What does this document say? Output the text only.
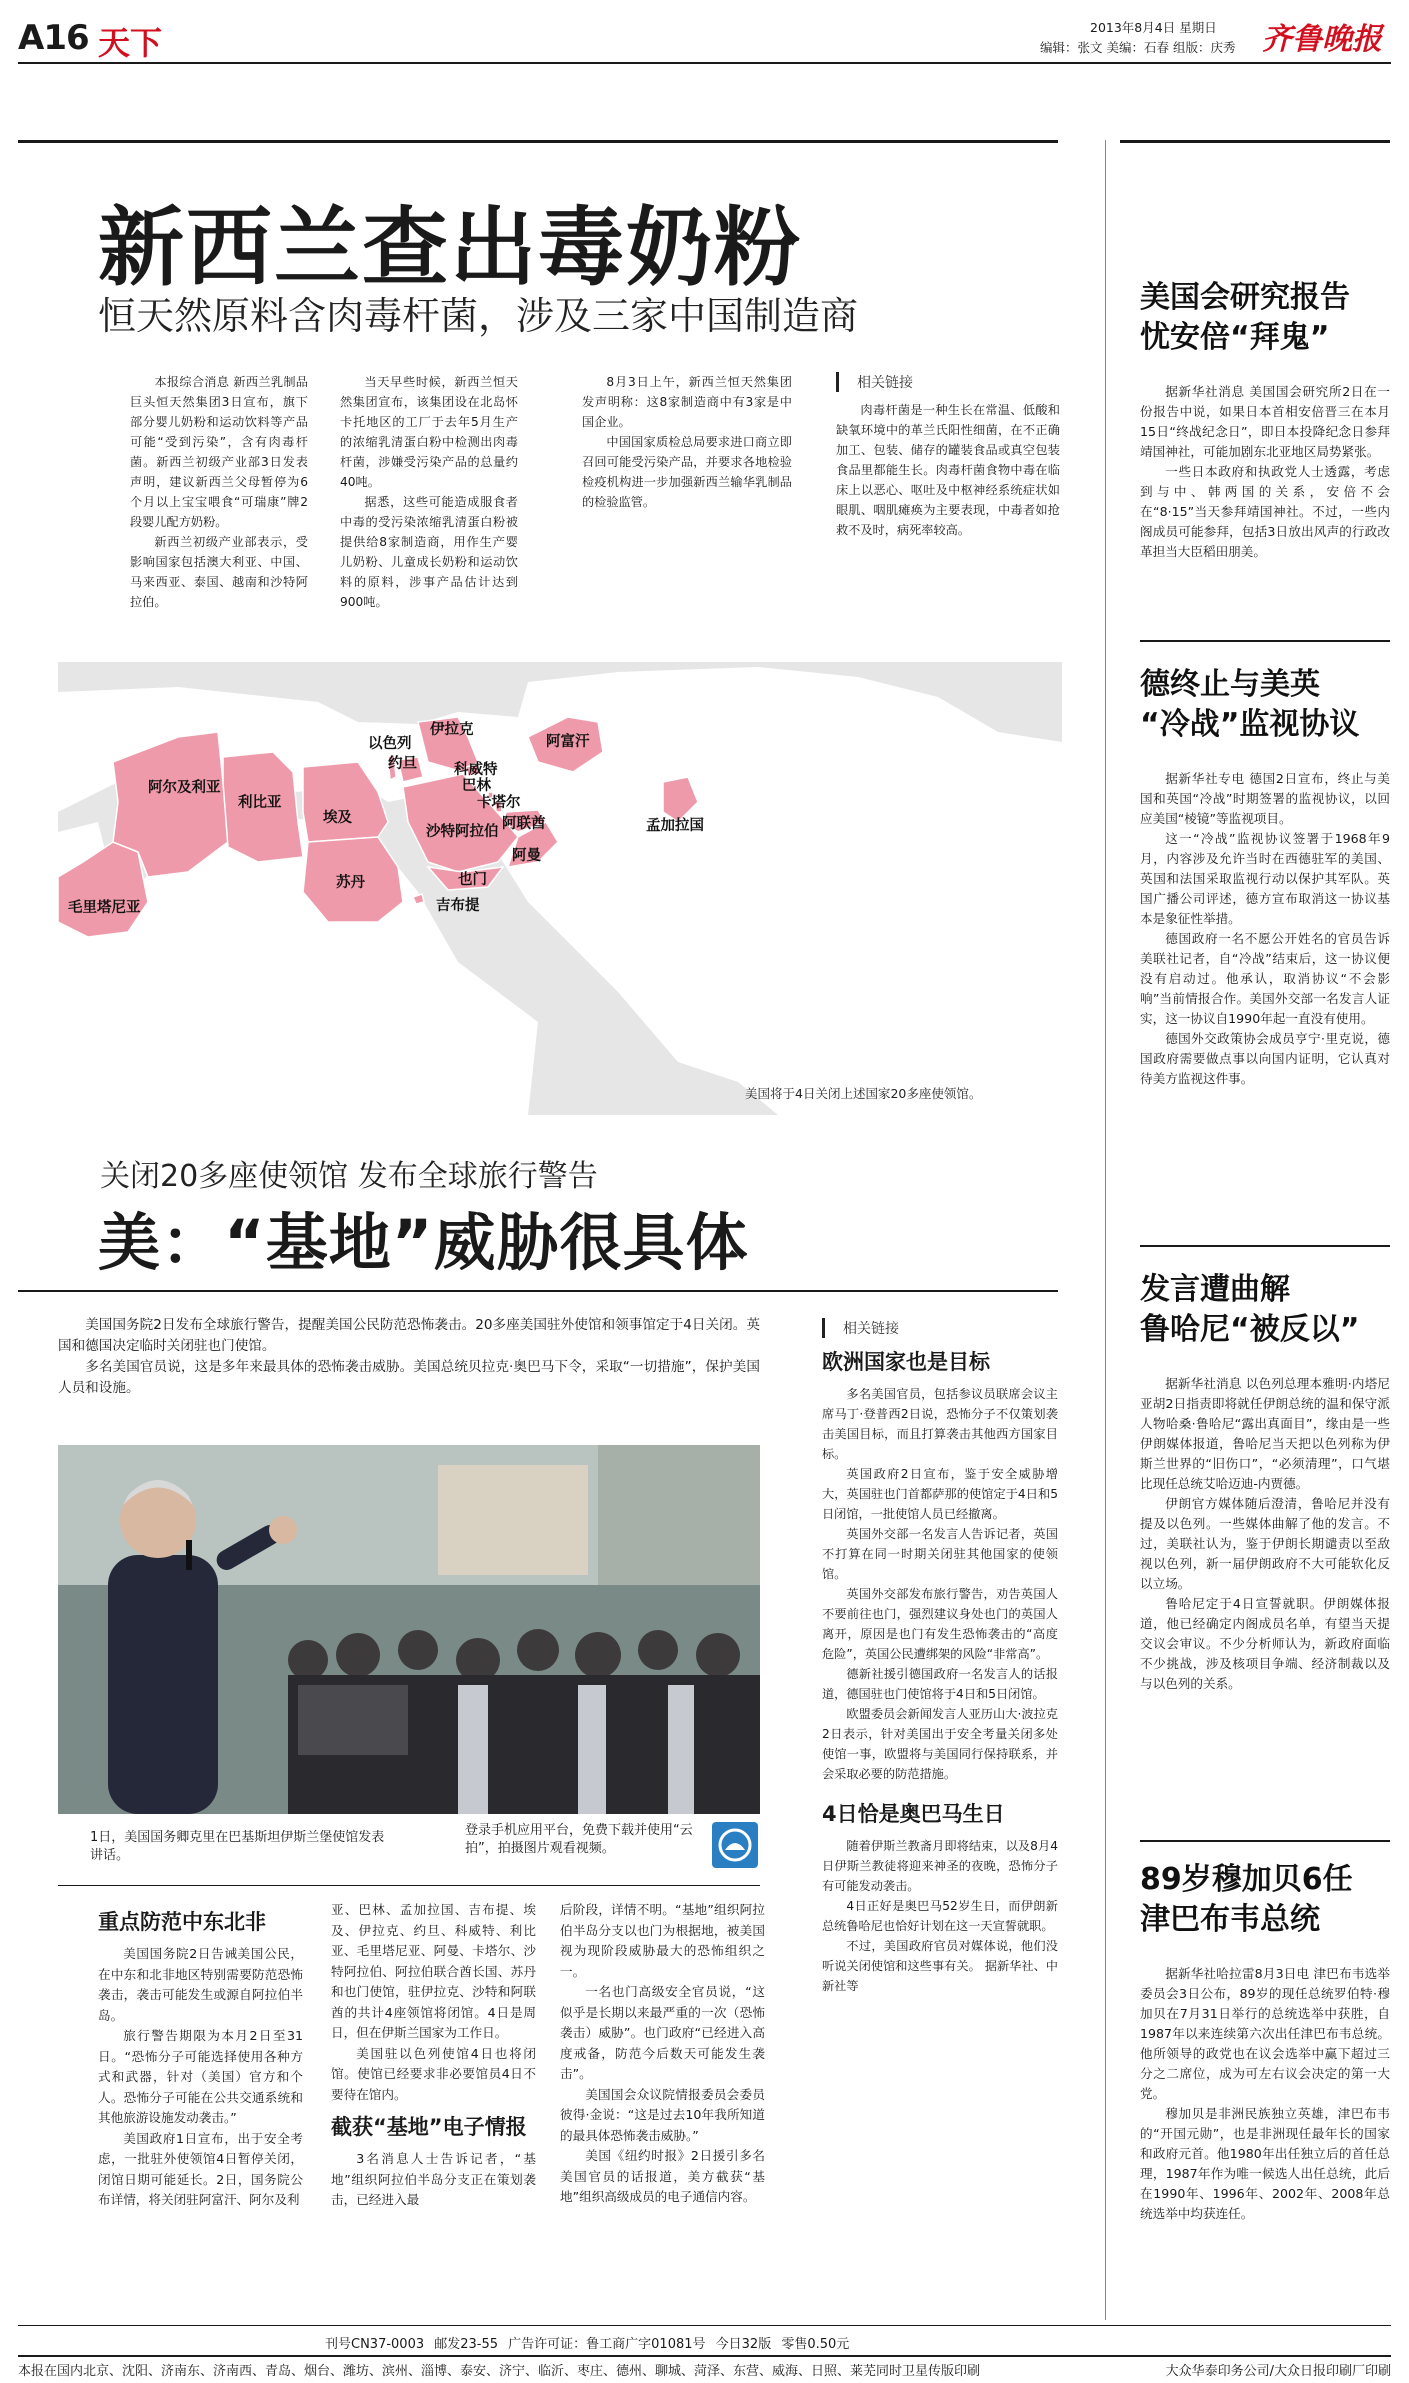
A16 天下	2013年8月4日 星期日
编辑：张文 美编：石春 组版：庆秀 齐鲁晚报
新西兰查出毒奶粉
恒天然原料含肉毒杆菌，涉及三家中国制造商

本报综合消息 新西兰乳制品巨头恒天然集团3日宣布，旗下部分婴儿奶粉和运动饮料等产品可能“受到污染”，含有肉毒杆菌。新西兰初级产业部3日发表声明，建议新西兰父母暂停为6个月以上宝宝喂食“可瑞康”牌2段婴儿配方奶粉。

新西兰初级产业部表示，受影响国家包括澳大利亚、中国、马来西亚、泰国、越南和沙特阿拉伯。

当天早些时候，新西兰恒天然集团宣布，该集团设在北岛怀卡托地区的工厂于去年5月生产的浓缩乳清蛋白粉中检测出肉毒杆菌，涉嫌受污染产品的总量约40吨。

据悉，这些可能造成服食者中毒的受污染浓缩乳清蛋白粉被提供给8家制造商，用作生产婴儿奶粉、儿童成长奶粉和运动饮料的原料，涉事产品估计达到900吨。

8月3日上午，新西兰恒天然集团发声明称：这8家制造商中有3家是中国企业。

中国国家质检总局要求进口商立即召回可能受污染产品，并要求各地检验检疫机构进一步加强新西兰输华乳制品的检验监管。

相关链接

肉毒杆菌是一种生长在常温、低酸和缺氧环境中的革兰氏阳性细菌，在不正确加工、包装、储存的罐装食品或真空包装食品里都能生长。肉毒杆菌食物中毒在临床上以恶心、呕吐及中枢神经系统症状如眼肌、咽肌瘫痪为主要表现，中毒者如抢救不及时，病死率较高。

毛里塔尼亚
阿尔及利亚
利比亚
埃及
苏丹
以色列
约旦
伊拉克
科威特
巴林
卡塔尔
阿联酋
沙特阿拉伯
阿曼
也门
吉布提
阿富汗
孟加拉国
美国将于4日关闭上述国家20多座使领馆。
关闭20多座使领馆 发布全球旅行警告
美：“基地”威胁很具体

美国国务院2日发布全球旅行警告，提醒美国公民防范恐怖袭击。20多座美国驻外使馆和领事馆定于4日关闭。英国和德国决定临时关闭驻也门使馆。

多名美国官员说，这是多年来最具体的恐怖袭击威胁。美国总统贝拉克·奥巴马下令，采取“一切措施”，保护美国人员和设施。

1日，美国国务卿克里在巴基斯坦伊斯兰堡使馆发表讲话。
登录手机应用平台，免费下载并使用“云拍”，拍摄图片观看视频。
重点防范中东北非

美国国务院2日告诫美国公民，在中东和北非地区特别需要防范恐怖袭击，袭击可能发生或源自阿拉伯半岛。

旅行警告期限为本月2日至31日。“恐怖分子可能选择使用各种方式和武器，针对（美国）官方和个人。恐怖分子可能在公共交通系统和其他旅游设施发动袭击。”

美国政府1日宣布，出于安全考虑，一批驻外使领馆4日暂停关闭，闭馆日期可能延长。2日，国务院公布详情，将关闭驻阿富汗、阿尔及利

亚、巴林、孟加拉国、吉布提、埃及、伊拉克、约旦、科威特、利比亚、毛里塔尼亚、阿曼、卡塔尔、沙特阿拉伯、阿拉伯联合酋长国、苏丹和也门使馆，驻伊拉克、沙特和阿联酋的共计4座领馆将闭馆。4日是周日，但在伊斯兰国家为工作日。

美国驻以色列使馆4日也将闭馆。使馆已经要求非必要馆员4日不要待在馆内。

截获“基地”电子情报

3名消息人士告诉记者，“基地”组织阿拉伯半岛分支正在策划袭击，已经进入最

后阶段，详情不明。“基地”组织阿拉伯半岛分支以也门为根据地，被美国视为现阶段威胁最大的恐怖组织之一。

一名也门高级安全官员说，“这似乎是长期以来最严重的一次（恐怖袭击）威胁”。也门政府“已经进入高度戒备，防范今后数天可能发生袭击”。

美国国会众议院情报委员会委员彼得·金说：“这是过去10年我所知道的最具体恐怖袭击威胁。”

美国《纽约时报》2日援引多名美国官员的话报道，美方截获“基地”组织高级成员的电子通信内容。

相关链接
欧洲国家也是目标

多名美国官员，包括参议员联席会议主席马丁·登普西2日说，恐怖分子不仅策划袭击美国目标，而且打算袭击其他西方国家目标。

英国政府2日宣布，鉴于安全威胁增大，英国驻也门首都萨那的使馆定于4日和5日闭馆，一批使馆人员已经撤离。

英国外交部一名发言人告诉记者，英国不打算在同一时期关闭驻其他国家的使领馆。

英国外交部发布旅行警告，劝告英国人不要前往也门，强烈建议身处也门的英国人离开，原因是也门有发生恐怖袭击的“高度危险”，英国公民遭绑架的风险“非常高”。

德新社援引德国政府一名发言人的话报道，德国驻也门使馆将于4日和5日闭馆。

欧盟委员会新闻发言人亚历山大·波拉克2日表示，针对美国出于安全考量关闭多处使馆一事，欧盟将与美国同行保持联系，并会采取必要的防范措施。

4日恰是奥巴马生日

随着伊斯兰教斋月即将结束，以及8月4日伊斯兰教徒将迎来神圣的夜晚，恐怖分子有可能发动袭击。

4日正好是奥巴马52岁生日，而伊朗新总统鲁哈尼也恰好计划在这一天宣誓就职。

不过，美国政府官员对媒体说，他们没听说关闭使馆和这些事有关。 据新华社、中新社等

美国会研究报告
忧安倍“拜鬼”

据新华社消息 美国国会研究所2日在一份报告中说，如果日本首相安倍晋三在本月15日“终战纪念日”，即日本投降纪念日参拜靖国神社，可能加剧东北亚地区局势紧张。

一些日本政府和执政党人士透露，考虑到与中、韩两国的关系，安倍不会在“8·15”当天参拜靖国神社。不过，一些内阁成员可能参拜，包括3日放出风声的行政改革担当大臣稻田朋美。

德终止与美英
“冷战”监视协议

据新华社专电 德国2日宣布，终止与美国和英国“冷战”时期签署的监视协议，以回应美国“棱镜”等监视项目。

这一“冷战”监视协议签署于1968年9月，内容涉及允许当时在西德驻军的美国、英国和法国采取监视行动以保护其军队。英国广播公司评述，德方宣布取消这一协议基本是象征性举措。

德国政府一名不愿公开姓名的官员告诉美联社记者，自“冷战”结束后，这一协议便没有启动过。他承认，取消协议“不会影响”当前情报合作。美国外交部一名发言人证实，这一协议自1990年起一直没有使用。

德国外交政策协会成员亨宁·里克说，德国政府需要做点事以向国内证明，它认真对待美方监视这件事。

发言遭曲解
鲁哈尼“被反以”

据新华社消息 以色列总理本雅明·内塔尼亚胡2日指责即将就任伊朗总统的温和保守派人物哈桑·鲁哈尼“露出真面目”，缘由是一些伊朗媒体报道，鲁哈尼当天把以色列称为伊斯兰世界的“旧伤口”，“必须清理”，口气堪比现任总统艾哈迈迪-内贾德。

伊朗官方媒体随后澄清，鲁哈尼并没有提及以色列。一些媒体曲解了他的发言。不过，美联社认为，鉴于伊朗长期谴责以至敌视以色列，新一届伊朗政府不大可能软化反以立场。

鲁哈尼定于4日宣誓就职。伊朗媒体报道，他已经确定内阁成员名单，有望当天提交议会审议。不少分析师认为，新政府面临不少挑战，涉及核项目争端、经济制裁以及与以色列的关系。

89岁穆加贝6任
津巴布韦总统

据新华社哈拉雷8月3日电 津巴布韦选举委员会3日公布，89岁的现任总统罗伯特·穆加贝在7月31日举行的总统选举中获胜，自1987年以来连续第六次出任津巴布韦总统。他所领导的政党也在议会选举中赢下超过三分之二席位，成为可左右议会决定的第一大党。

穆加贝是非洲民族独立英雄，津巴布韦的“开国元勋”，也是非洲现任最年长的国家和政府元首。他1980年出任独立后的首任总理，1987年作为唯一候选人出任总统，此后在1990年、1996年、2002年、2008年总统选举中均获连任。

刊号CN37-0003 邮发23-55 广告许可证：鲁工商广字01081号 今日32版 零售0.50元
本报在国内北京、沈阳、济南东、济南西、青岛、烟台、潍坊、滨州、淄博、泰安、济宁、临沂、枣庄、德州、聊城、菏泽、东营、威海、日照、莱芜同时卫星传版印刷	大众华泰印务公司/大众日报印刷厂印刷
